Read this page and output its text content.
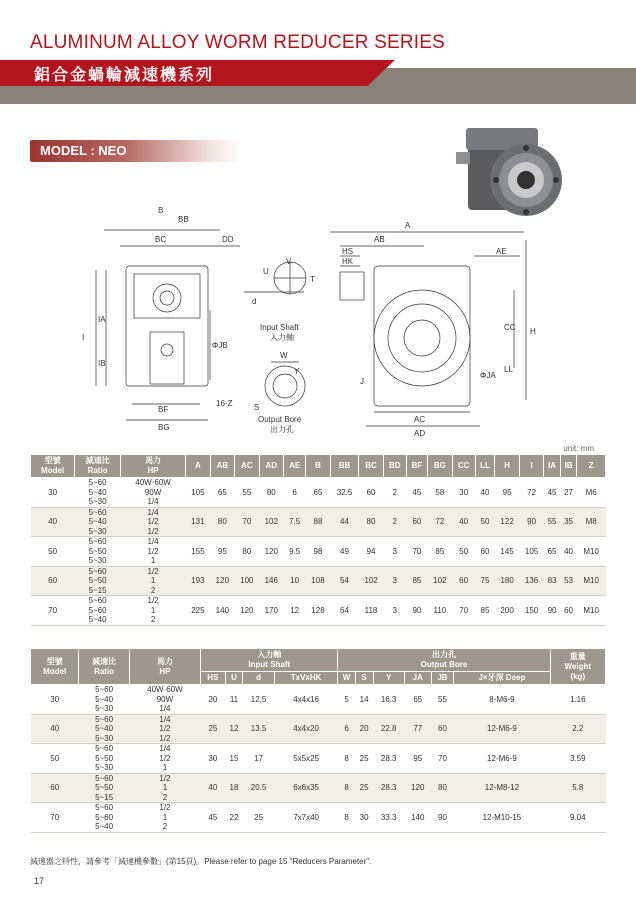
ALUMINUM ALLOY WORM REDUCER SERIES
鋁合金蝸輪減速機系列
MODEL : NEO
B
BB
BC	DD
IA
I
IB
ΦJB
BF
BG
16-Z
V
U
T
d
Input Shaft
入力軸
W
S
Y
Output Bore
出力孔
A
AB
HS
HK
AE
CC H
LL
ΦJA
J
AC
AD
unit: mm
型號
Model	減速比
Ratio	馬力
HP	A	AB	AC	AD	AE	B	BB	BC	BD	BF	BG	CC	LL	H	I	IA	IB	Z
30	5~60
5~40
5~30	40W·60W
90W
1/4	105	65	55	80	6	65	32.5	60	2	45	58	30	40	95	72	45	27	M6
40	5~60
5~40
5~30	1/4
1/2
1/2	131	80	70	102	7.5	88	44	80	2	60	72	40	50	122	90	55	35	M8
50	5~60
5~50
5~30	1/4
1/2
1	155	95	80	120	9.5	98	49	94	3	70	85	50	60	145	105	65	40	M10
60	5~60
5~50
5~15	1/2
1
2	193	120	100	146	10	108	54	102	3	85	102	60	75	180	136	83	53	M10
70	5~60
5~60
5~40	1/2
1
2	225	140	120	170	12	128	64	118	3	90	110	70	85	200	150	90	60	M10
型號
Model	減速比
Ratio	馬力
HP	入力軸
Input Shaft				出力孔
Output Bore						重量
Weight
(kg)
			HS	U	d	TxVxHK	W	S	Y	JA	JB	J×牙深 Deep	
30	5~60
5~40
5~30	40W·60W
90W
1/4	20	11	12.5	4x4x16	5	14	16.3	65	55	8-M6-9	1.16
40	5~60
5~40
5~30	1/4
1/2
1/2	25	12	13.5	4x4x20	6	20	22.8	77	60	12-M6-9	2.2
50	5~60
5~50
5~30	1/4
1/2
1	30	15	17	5x5x25	8	25	28.3	95	70	12-M6-9	3.59
60	5~60
5~50
5~15	1/2
1
2	40	18	20.5	6x6x35	8	25	28.3	120	80	12-M8-12	5.8
70	5~60
5~60
5~40	1/2
1
2	45	22	25	7x7x40	8	30	33.3	140	90	12-M10-15	9.04
減速器之特性，請參考「減速機參數」(第15頁)。Please refer to page 15 "Reducers Parameter".
17
